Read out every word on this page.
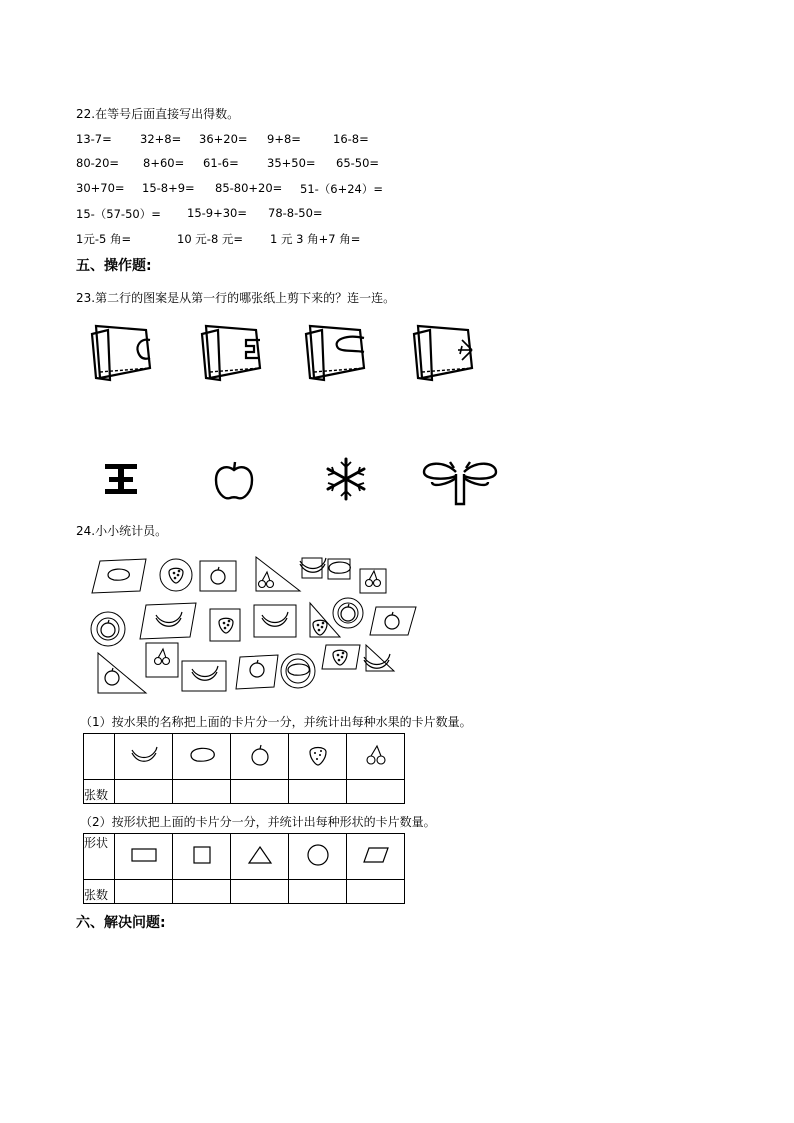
22.在等号后面直接写出得数。
13-7= 32+8= 36+20= 9+8=	16-8=
80-20= 8+60= 61-6= 35+50= 65-50=
30+70= 15-8+9= 85-80+20= 51-（6+24）=
15-（57-50）= 15-9+30= 78-8-50=
1元-5 角=	10 元-8 元= 1 元 3 角+7 角=
五、操作题:
23.第二行的图案是从第一行的哪张纸上剪下来的？连一连。
24.小小统计员。
（1）按水果的名称把上面的卡片分一分，并统计出每种水果的卡片数量。

张数					
（2）按形状把上面的卡片分一分，并统计出每种形状的卡片数量。
形状					
张数					
六、解决问题:
